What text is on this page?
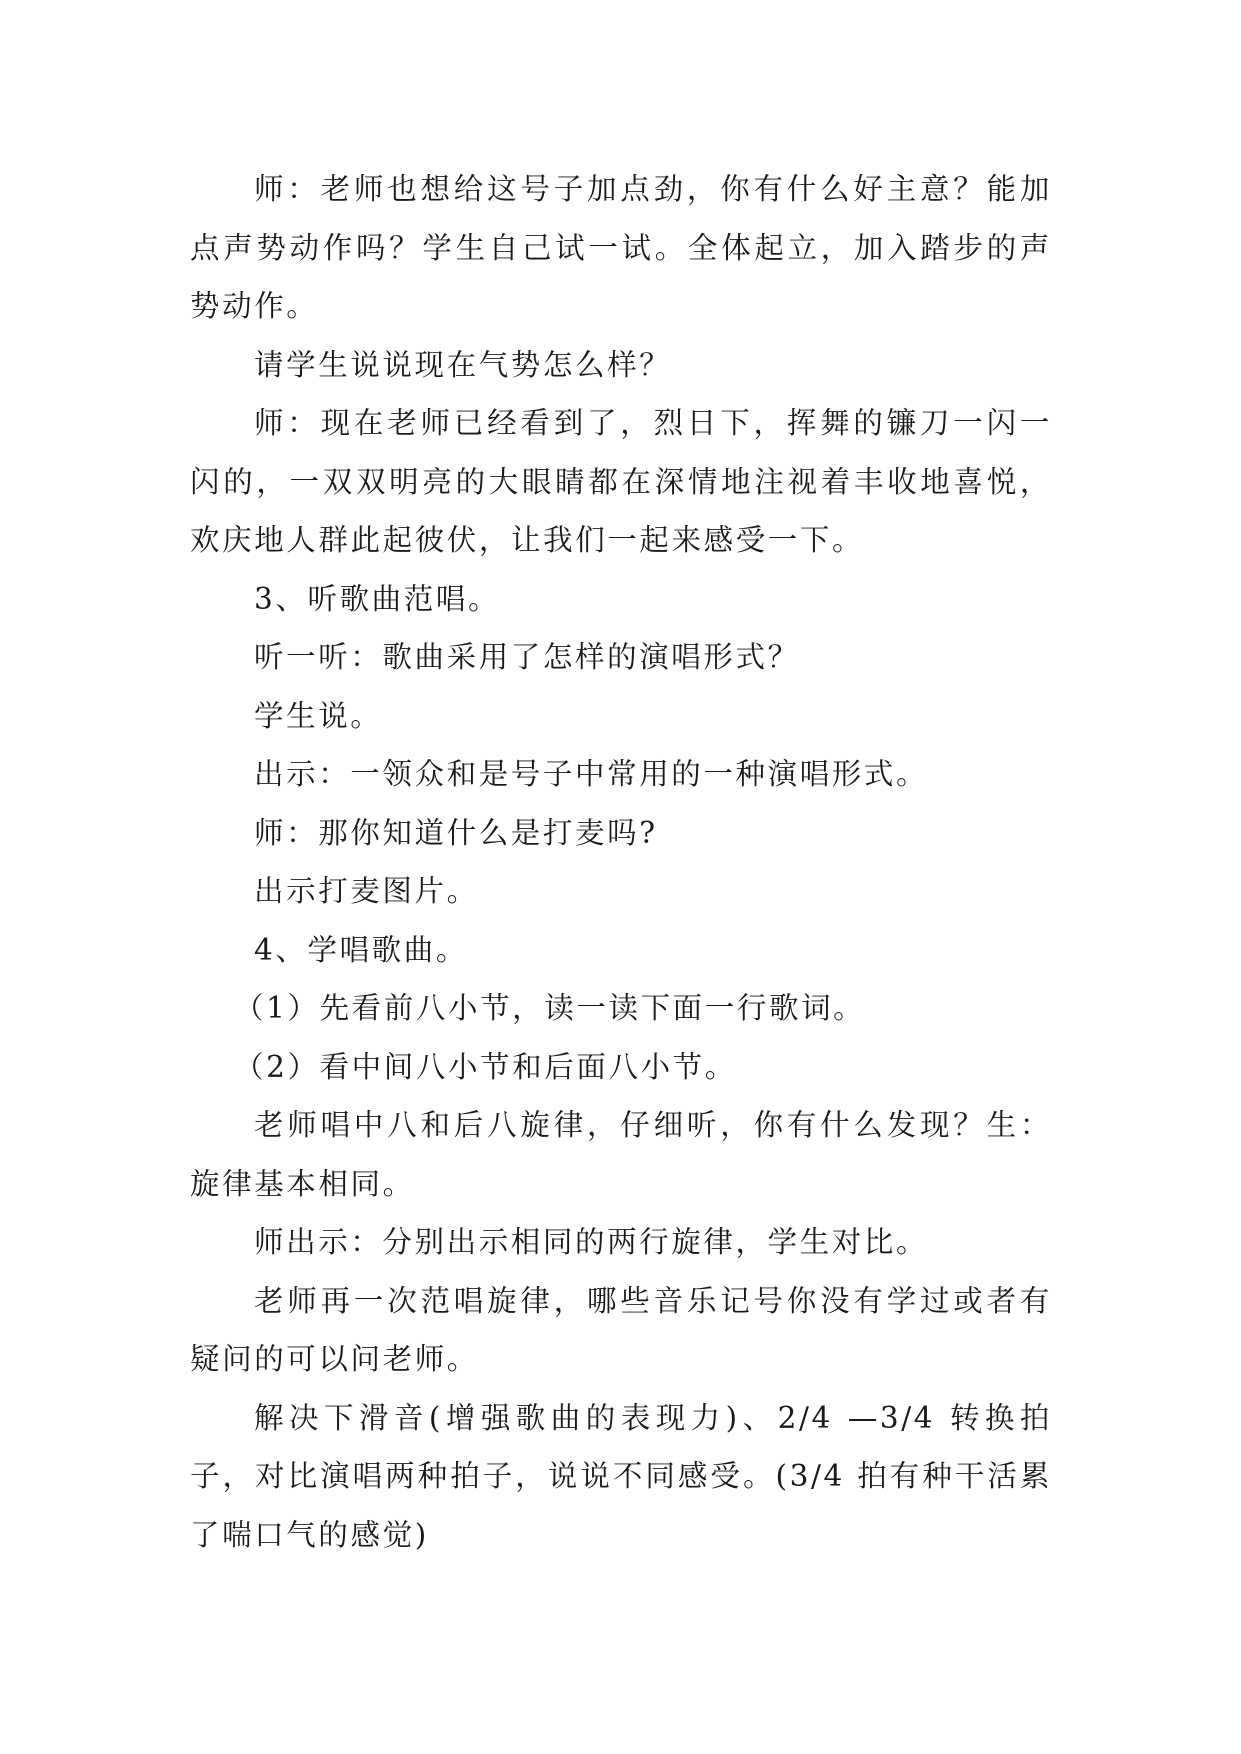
师：老师也想给这号子加点劲，你有什么好主意？能加点声势动作吗？学生自己试一试。全体起立，加入踏步的声势动作。

请学生说说现在气势怎么样？

师：现在老师已经看到了，烈日下，挥舞的镰刀一闪一闪的，一双双明亮的大眼睛都在深情地注视着丰收地喜悦，欢庆地人群此起彼伏，让我们一起来感受一下。

3、听歌曲范唱。

听一听：歌曲采用了怎样的演唱形式？

学生说。

出示：一领众和是号子中常用的一种演唱形式。

师：那你知道什么是打麦吗?

出示打麦图片。

4、学唱歌曲。

（1）先看前八小节，读一读下面一行歌词。

（2）看中间八小节和后面八小节。

老师唱中八和后八旋律，仔细听，你有什么发现？生：旋律基本相同。

师出示：分别出示相同的两行旋律，学生对比。

老师再一次范唱旋律，哪些音乐记号你没有学过或者有疑问的可以问老师。

解决下滑音(增强歌曲的表现力)、2/4 —3/4 转换拍子，对比演唱两种拍子，说说不同感受。(3/4 拍有种干活累了喘口气的感觉)
